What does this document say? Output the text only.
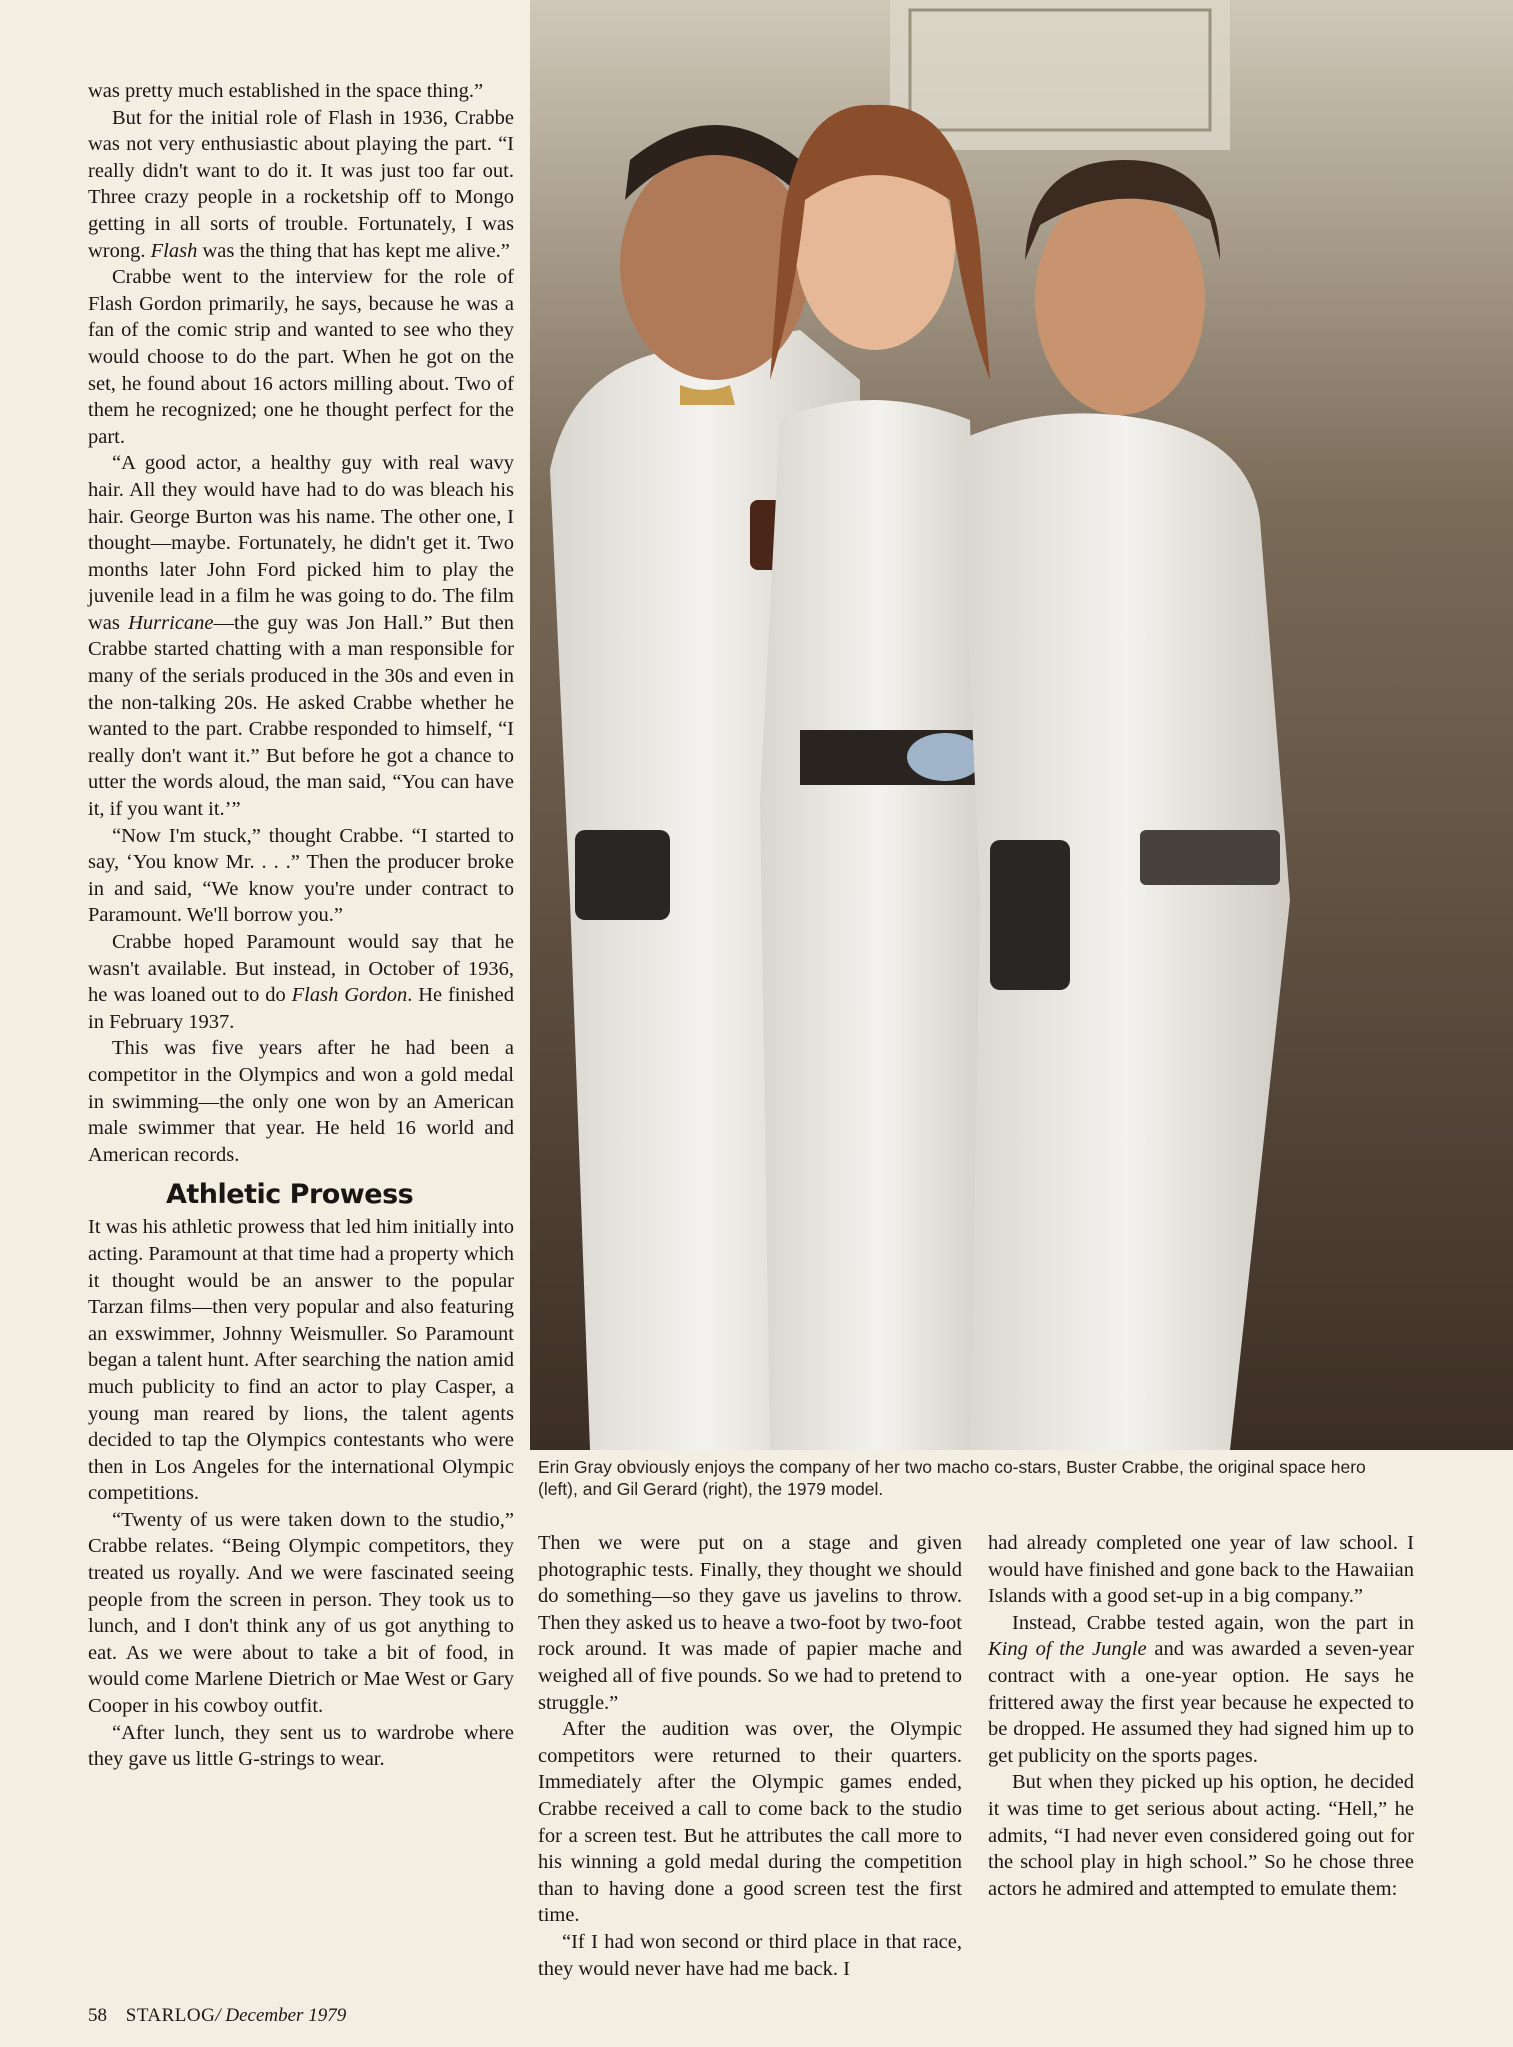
was pretty much established in the space thing.”

But for the initial role of Flash in 1936, Crabbe was not very enthusiastic about playing the part. “I really didn't want to do it. It was just too far out. Three crazy people in a rocketship off to Mongo getting in all sorts of trouble. Fortunately, I was wrong. Flash was the thing that has kept me alive.”

Crabbe went to the interview for the role of Flash Gordon primarily, he says, because he was a fan of the comic strip and wanted to see who they would choose to do the part. When he got on the set, he found about 16 actors milling about. Two of them he recognized; one he thought perfect for the part.

“A good actor, a healthy guy with real wavy hair. All they would have had to do was bleach his hair. George Burton was his name. The other one, I thought—maybe. Fortunately, he didn't get it. Two months later John Ford picked him to play the juvenile lead in a film he was going to do. The film was Hurricane—the guy was Jon Hall.” But then Crabbe started chatting with a man responsible for many of the serials produced in the 30s and even in the non-talking 20s. He asked Crabbe whether he wanted to the part. Crabbe responded to himself, “I really don't want it.” But before he got a chance to utter the words aloud, the man said, “You can have it, if you want it.’”

“Now I'm stuck,” thought Crabbe. “I started to say, ‘You know Mr. . . .” Then the producer broke in and said, “We know you're under contract to Paramount. We'll borrow you.”

Crabbe hoped Paramount would say that he wasn't available. But instead, in October of 1936, he was loaned out to do Flash Gordon. He finished in February 1937.

This was five years after he had been a competitor in the Olympics and won a gold medal in swimming—the only one won by an American male swimmer that year. He held 16 world and American records.

Athletic Prowess

It was his athletic prowess that led him initially into acting. Paramount at that time had a property which it thought would be an answer to the popular Tarzan films—then very popular and also featuring an exswimmer, Johnny Weismuller. So Paramount began a talent hunt. After searching the nation amid much publicity to find an actor to play Casper, a young man reared by lions, the talent agents decided to tap the Olympics contestants who were then in Los Angeles for the international Olympic competitions.

“Twenty of us were taken down to the studio,” Crabbe relates. “Being Olympic competitors, they treated us royally. And we were fascinated seeing people from the screen in person. They took us to lunch, and I don't think any of us got anything to eat. As we were about to take a bit of food, in would come Marlene Dietrich or Mae West or Gary Cooper in his cowboy outfit.

“After lunch, they sent us to wardrobe where they gave us little G-strings to wear.

Erin Gray obviously enjoys the company of her two macho co-stars, Buster Crabbe, the original space hero (left), and Gil Gerard (right), the 1979 model.

Then we were put on a stage and given photographic tests. Finally, they thought we should do something—so they gave us javelins to throw. Then they asked us to heave a two-foot by two-foot rock around. It was made of papier mache and weighed all of five pounds. So we had to pretend to struggle.”

After the audition was over, the Olympic competitors were returned to their quarters. Immediately after the Olympic games ended, Crabbe received a call to come back to the studio for a screen test. But he attributes the call more to his winning a gold medal during the competition than to having done a good screen test the first time.

“If I had won second or third place in that race, they would never have had me back. I

had already completed one year of law school. I would have finished and gone back to the Hawaiian Islands with a good set-up in a big company.”

Instead, Crabbe tested again, won the part in King of the Jungle and was awarded a seven-year contract with a one-year option. He says he frittered away the first year because he expected to be dropped. He assumed they had signed him up to get publicity on the sports pages.

But when they picked up his option, he decided it was time to get serious about acting. “Hell,” he admits, “I had never even considered going out for the school play in high school.” So he chose three actors he admired and attempted to emulate them:

58 STARLOG/ December 1979
